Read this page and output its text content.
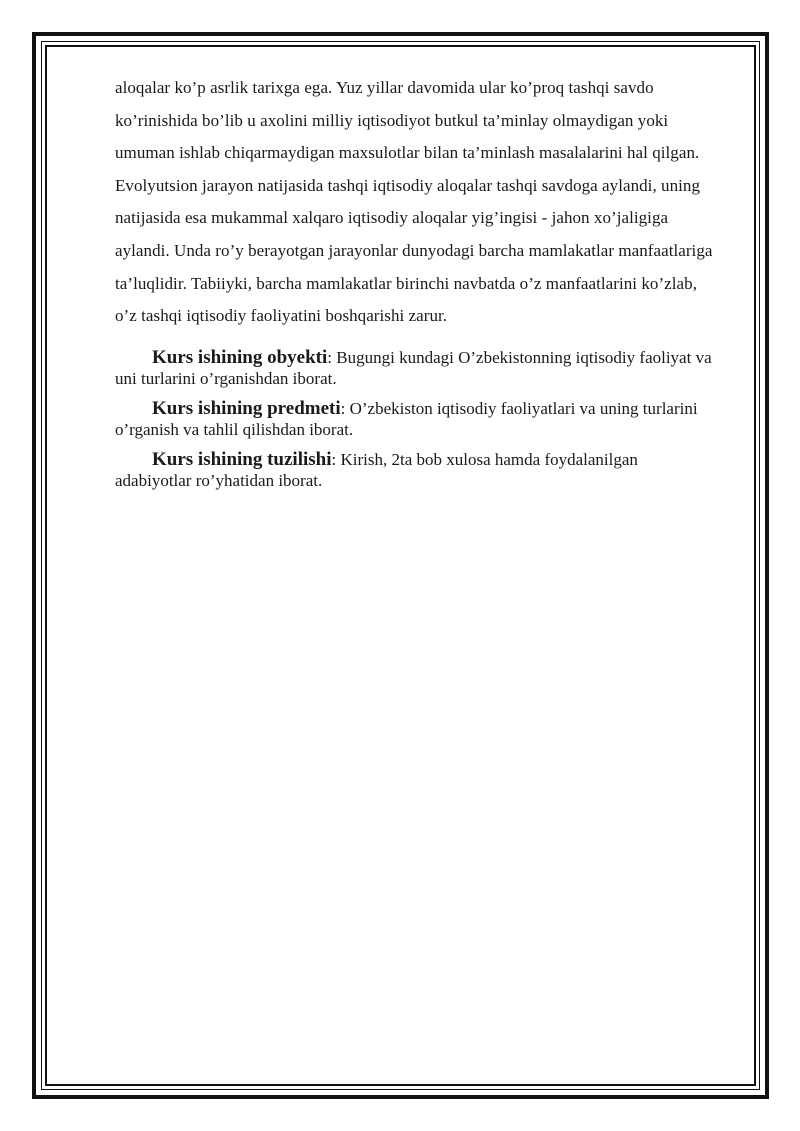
aloqalar ko’p asrlik tarixga ega. Yuz yillar davomida ular ko’proq tashqi savdo ko’rinishida bo’lib u axolini milliy iqtisodiyot butkul ta’minlay olmaydigan yoki umuman ishlab chiqarmaydigan maxsulotlar bilan ta’minlash masalalarini hal qilgan. Evolyutsion jarayon natijasida tashqi iqtisodiy aloqalar tashqi savdoga aylandi, uning natijasida esa mukammal xalqaro iqtisodiy aloqalar yig’ingisi - jahon xo’jaligiga aylandi. Unda ro’y berayotgan jarayonlar dunyodagi barcha mamlakatlar manfaatlariga ta’luqlidir. Tabiiyki, barcha mamlakatlar birinchi navbatda o’z manfaatlarini ko’zlab, o’z tashqi iqtisodiy faoliyatini boshqarishi zarur.

Kurs ishining obyekti: Bugungi kundagi O’zbekistonning iqtisodiy faoliyat va uni turlarini o’rganishdan iborat.

Kurs ishining predmeti: O’zbekiston iqtisodiy faoliyatlari va uning turlarini o’rganish va tahlil qilishdan iborat.

Kurs ishining tuzilishi: Kirish, 2ta bob xulosa hamda foydalanilgan adabiyotlar ro’yhatidan iborat.
